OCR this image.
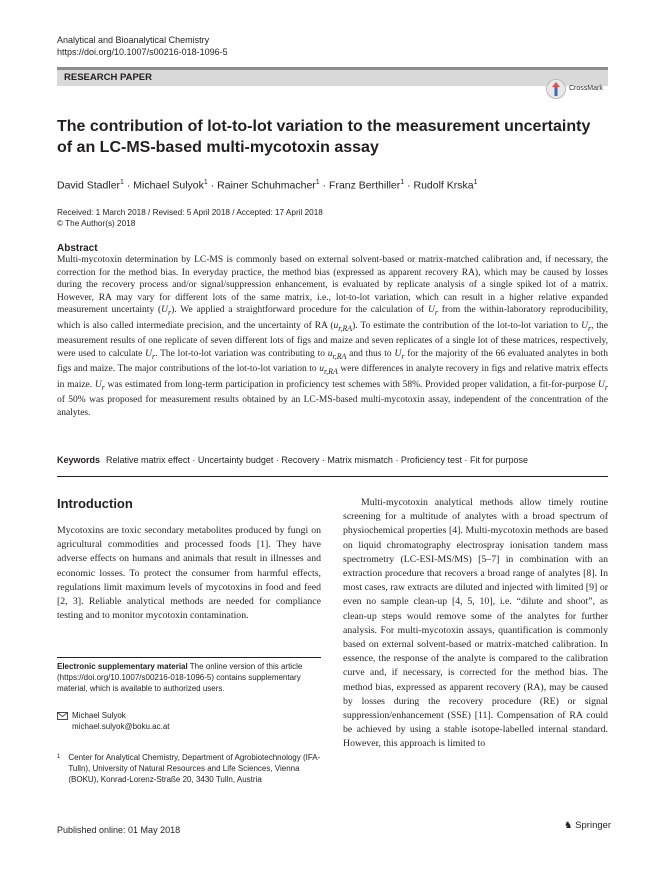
Analytical and Bioanalytical Chemistry
https://doi.org/10.1007/s00216-018-1096-5
RESEARCH PAPER
CrossMark
The contribution of lot-to-lot variation to the measurement uncertainty of an LC-MS-based multi-mycotoxin assay
David Stadler$^1$ · Michael Sulyok$^1$ · Rainer Schuhmacher$^1$ · Franz Berthiller$^1$ · Rudolf Krska$^1$
Received: 1 March 2018 / Revised: 5 April 2018 / Accepted: 17 April 2018
© The Author(s) 2018
Abstract
Multi-mycotoxin determination by LC-MS is commonly based on external solvent-based or matrix-matched calibration and, if necessary, the correction for the method bias. In everyday practice, the method bias (expressed as apparent recovery RA), which may be caused by losses during the recovery process and/or signal/suppression enhancement, is evaluated by replicate analysis of a single spiked lot of a matrix. However, RA may vary for different lots of the same matrix, i.e., lot-to-lot variation, which can result in a higher relative expanded measurement uncertainty $(U_r)$. We applied a straightforward procedure for the calculation of $U_r$ from the within-laboratory reproducibility, which is also called intermediate precision, and the uncertainty of RA $(u_{r,RA})$. To estimate the contribution of the lot-to-lot variation to $U_r$, the measurement results of one replicate of seven different lots of figs and maize and seven replicates of a single lot of these matrices, respectively, were used to calculate $U_r$. The lot-to-lot variation was contributing to $u_{r,RA}$ and thus to $U_r$ for the majority of the 66 evaluated analytes in both figs and maize. The major contributions of the lot-to-lot variation to $u_{r,RA}$ were differences in analyte recovery in figs and relative matrix effects in maize. $U_r$ was estimated from long-term participation in proficiency test schemes with 58%. Provided proper validation, a fit-for-purpose $U_r$ of 50% was proposed for measurement results obtained by an LC-MS-based multi-mycotoxin assay, independent of the concentration of the analytes.
Keywords Relative matrix effect · Uncertainty budget · Recovery · Matrix mismatch · Proficiency test · Fit for purpose
Introduction
Mycotoxins are toxic secondary metabolites produced by fungi on agricultural commodities and processed foods [1]. They have adverse effects on humans and animals that result in illnesses and economic losses. To protect the consumer from harmful effects, regulations limit maximum levels of mycotoxins in food and feed [2, 3]. Reliable analytical methods are needed for compliance testing and to monitor mycotoxin contamination.
Electronic supplementary material The online version of this article (https://doi.org/10.1007/s00216-018-1096-5) contains supplementary material, which is available to authorized users.
Michael Sulyok
michael.sulyok@boku.ac.at
1 Center for Analytical Chemistry, Department of Agrobiotechnology (IFA-Tulln), University of Natural Resources and Life Sciences, Vienna (BOKU), Konrad-Lorenz-Straße 20, 3430 Tulln, Austria

Multi-mycotoxin analytical methods allow timely routine screening for a multitude of analytes with a broad spectrum of physiochemical properties [4]. Multi-mycotoxin methods are based on liquid chromatography electrospray ionisation tandem mass spectrometry (LC-ESI-MS/MS) [5–7] in combination with an extraction procedure that recovers a broad range of analytes [8]. In most cases, raw extracts are diluted and injected with limited [9] or even no sample clean-up [4, 5, 10], i.e. “dilute and shoot”, as clean-up steps would remove some of the analytes for further analysis. For multi-mycotoxin assays, quantification is commonly based on external solvent-based or matrix-matched calibration. In essence, the response of the analyte is compared to the calibration curve and, if necessary, is corrected for the method bias. The method bias, expressed as apparent recovery (RA), may be caused by losses during the recovery procedure (RE) or signal suppression/enhancement (SSE) [11]. Compensation of RA could be achieved by using a stable isotope-labelled internal standard. However, this approach is limited to

Published online: 01 May 2018	♞ Springer
